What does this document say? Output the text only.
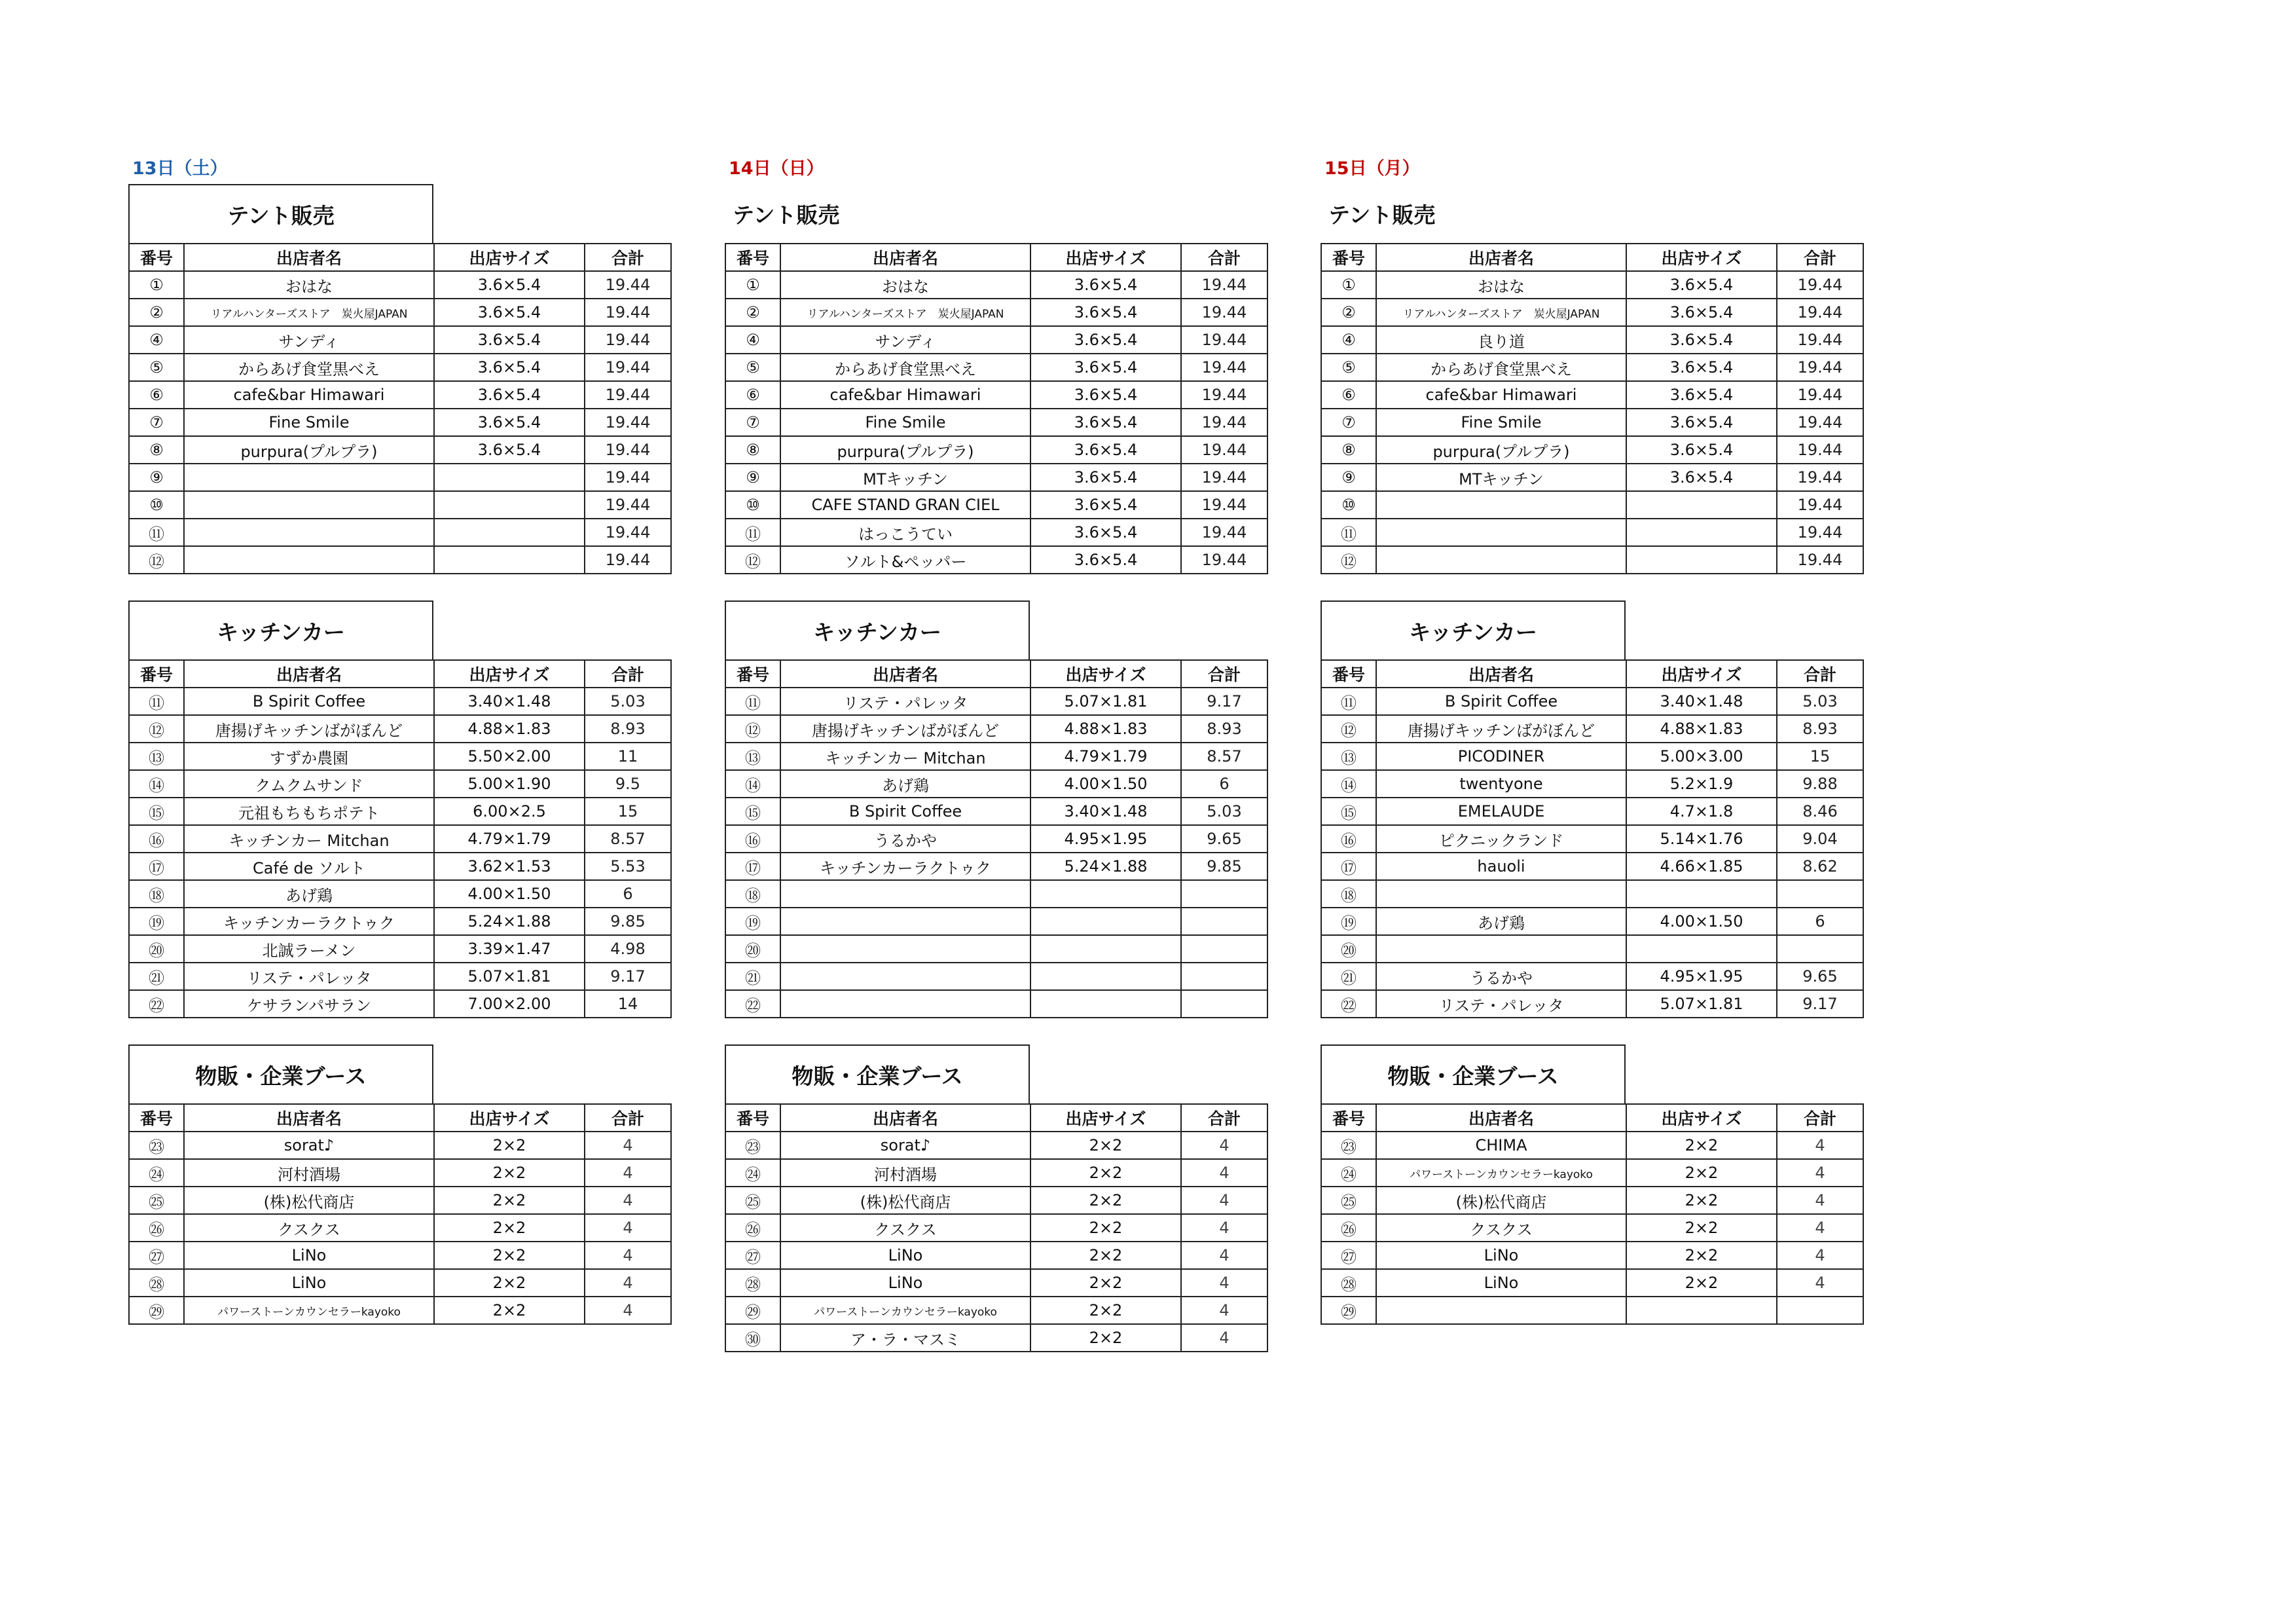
13日（土）
テント販売
番号	出店者名	出店サイズ	合計
①	おはな	3.6×5.4	19.44
②	リアルハンターズストア　炭火屋JAPAN	3.6×5.4	19.44
④	サンディ	3.6×5.4	19.44
⑤	からあげ食堂黒べえ	3.6×5.4	19.44
⑥	cafe&bar Himawari	3.6×5.4	19.44
⑦	Fine Smile	3.6×5.4	19.44
⑧	purpura(プルプラ)	3.6×5.4	19.44
⑨			19.44
⑩			19.44
⑪			19.44
⑫			19.44
キッチンカー
番号	出店者名	出店サイズ	合計
⑪	B Spirit Coffee	3.40×1.48	5.03
⑫	唐揚げキッチンばがぼんど	4.88×1.83	8.93
⑬	すずか農園	5.50×2.00	11
⑭	クムクムサンド	5.00×1.90	9.5
⑮	元祖もちもちポテト	6.00×2.5	15
⑯	キッチンカー Mitchan	4.79×1.79	8.57
⑰	Café de ソルト	3.62×1.53	5.53
⑱	あげ鶏	4.00×1.50	6
⑲	キッチンカーラクトゥク	5.24×1.88	9.85
⑳	北誠ラーメン	3.39×1.47	4.98
㉑	リステ・パレッタ	5.07×1.81	9.17
㉒	ケサランパサラン	7.00×2.00	14
物販・企業ブース
番号	出店者名	出店サイズ	合計
㉓	sorat♪	2×2	4
㉔	河村酒場	2×2	4
㉕	(株)松代商店	2×2	4
㉖	クスクス	2×2	4
㉗	LiNo	2×2	4
㉘	LiNo	2×2	4
㉙	パワーストーンカウンセラーkayoko	2×2	4
14日（日）
テント販売
番号	出店者名	出店サイズ	合計
①	おはな	3.6×5.4	19.44
②	リアルハンターズストア　炭火屋JAPAN	3.6×5.4	19.44
④	サンディ	3.6×5.4	19.44
⑤	からあげ食堂黒べえ	3.6×5.4	19.44
⑥	cafe&bar Himawari	3.6×5.4	19.44
⑦	Fine Smile	3.6×5.4	19.44
⑧	purpura(プルプラ)	3.6×5.4	19.44
⑨	MTキッチン	3.6×5.4	19.44
⑩	CAFE STAND GRAN CIEL	3.6×5.4	19.44
⑪	はっこうてい	3.6×5.4	19.44
⑫	ソルト&ペッパー	3.6×5.4	19.44
キッチンカー
番号	出店者名	出店サイズ	合計
⑪	リステ・パレッタ	5.07×1.81	9.17
⑫	唐揚げキッチンばがぼんど	4.88×1.83	8.93
⑬	キッチンカー Mitchan	4.79×1.79	8.57
⑭	あげ鶏	4.00×1.50	6
⑮	B Spirit Coffee	3.40×1.48	5.03
⑯	うるかや	4.95×1.95	9.65
⑰	キッチンカーラクトゥク	5.24×1.88	9.85
⑱			
⑲			
⑳			
㉑			
㉒			
物販・企業ブース
番号	出店者名	出店サイズ	合計
㉓	sorat♪	2×2	4
㉔	河村酒場	2×2	4
㉕	(株)松代商店	2×2	4
㉖	クスクス	2×2	4
㉗	LiNo	2×2	4
㉘	LiNo	2×2	4
㉙	パワーストーンカウンセラーkayoko	2×2	4
㉚	ア・ラ・マスミ	2×2	4
15日（月）
テント販売
番号	出店者名	出店サイズ	合計
①	おはな	3.6×5.4	19.44
②	リアルハンターズストア　炭火屋JAPAN	3.6×5.4	19.44
④	良り道	3.6×5.4	19.44
⑤	からあげ食堂黒べえ	3.6×5.4	19.44
⑥	cafe&bar Himawari	3.6×5.4	19.44
⑦	Fine Smile	3.6×5.4	19.44
⑧	purpura(プルプラ)	3.6×5.4	19.44
⑨	MTキッチン	3.6×5.4	19.44
⑩			19.44
⑪			19.44
⑫			19.44
キッチンカー
番号	出店者名	出店サイズ	合計
⑪	B Spirit Coffee	3.40×1.48	5.03
⑫	唐揚げキッチンばがぼんど	4.88×1.83	8.93
⑬	PICODINER	5.00×3.00	15
⑭	twentyone	5.2×1.9	9.88
⑮	EMELAUDE	4.7×1.8	8.46
⑯	ピクニックランド	5.14×1.76	9.04
⑰	hauoli	4.66×1.85	8.62
⑱			
⑲	あげ鶏	4.00×1.50	6
⑳			
㉑	うるかや	4.95×1.95	9.65
㉒	リステ・パレッタ	5.07×1.81	9.17
物販・企業ブース
番号	出店者名	出店サイズ	合計
㉓	CHIMA	2×2	4
㉔	パワーストーンカウンセラーkayoko	2×2	4
㉕	(株)松代商店	2×2	4
㉖	クスクス	2×2	4
㉗	LiNo	2×2	4
㉘	LiNo	2×2	4
㉙			
